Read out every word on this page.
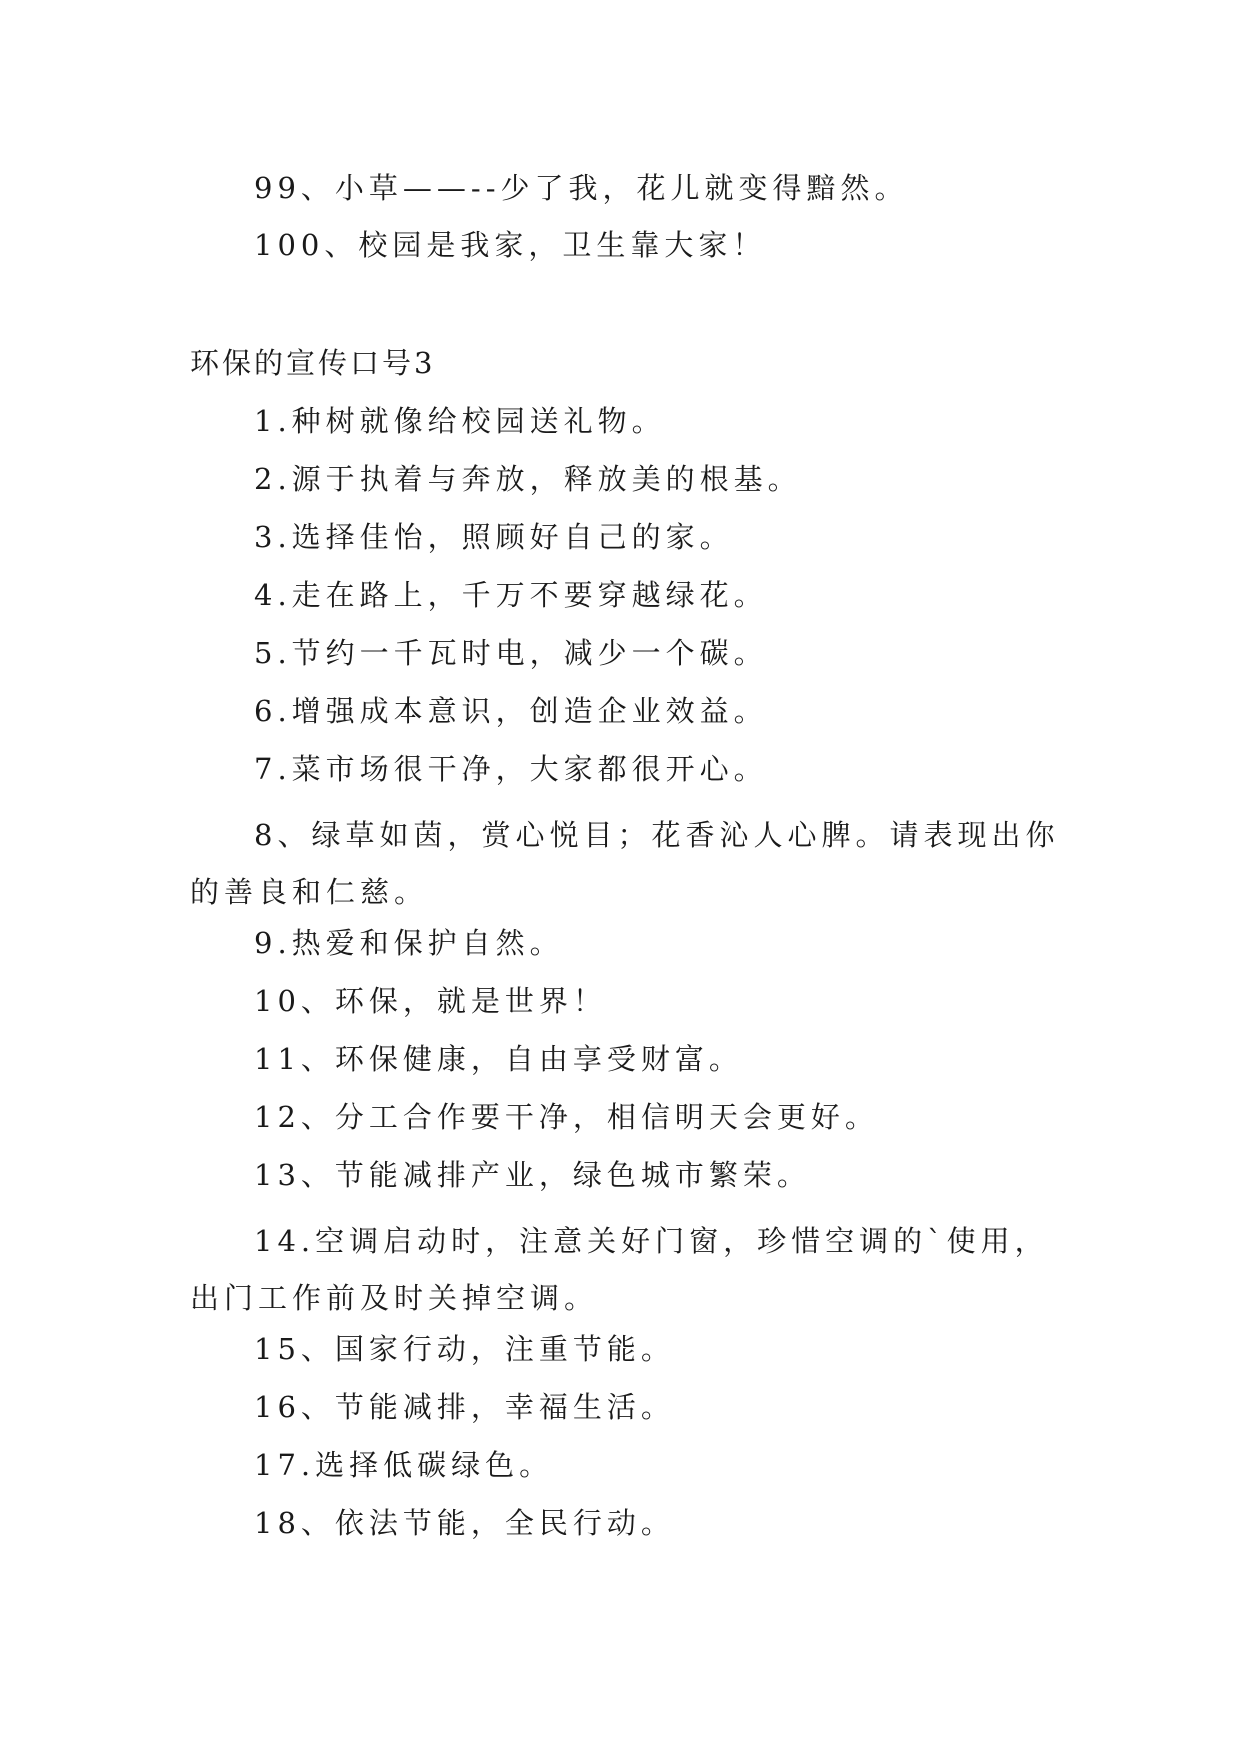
99、小草——--少了我，花儿就变得黯然。
100、校园是我家，卫生靠大家！
环保的宣传口号3
1.种树就像给校园送礼物。
2.源于执着与奔放，释放美的根基。
3.选择佳怡，照顾好自己的家。
4.走在路上，千万不要穿越绿花。
5.节约一千瓦时电，减少一个碳。
6.增强成本意识，创造企业效益。
7.菜市场很干净，大家都很开心。
8、绿草如茵，赏心悦目；花香沁人心脾。请表现出你的善良和仁慈。
9.热爱和保护自然。
10、环保，就是世界！
11、环保健康，自由享受财富。
12、分工合作要干净，相信明天会更好。
13、节能减排产业，绿色城市繁荣。
14.空调启动时，注意关好门窗，珍惜空调的`使用，出门工作前及时关掉空调。
15、国家行动，注重节能。
16、节能减排，幸福生活。
17.选择低碳绿色。
18、依法节能，全民行动。
